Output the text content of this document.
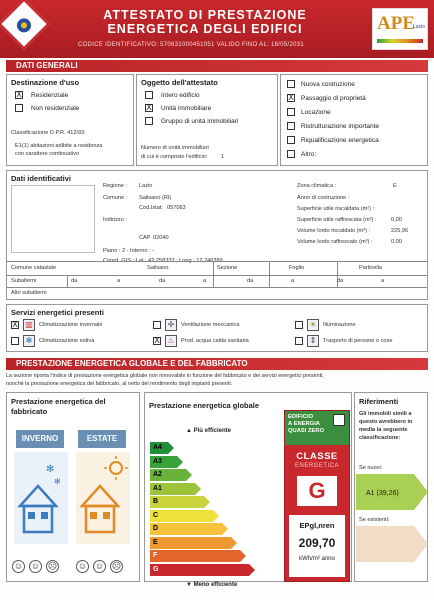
ATTESTATO DI PRESTAZIONE
ENERGETICA DEGLI EDIFICI
CODICE IDENTIFICATIVO: 570631000451051 VALIDO FINO AL: 18/05/2031
APE
Lazio
DATI GENERALI
Destinazione d'uso
X Residenziale
Non residenziale
Classificazione D.P.R. 412/93:
E1(1) abitazioni adibite a residenza
con carattere continuativo
Oggetto dell'attestato
Intero edificio
X Unità immobiliare
Gruppo di unità immobiliari
Numero di unità immobiliari
di cui è composto l'edificio: 1
Nuova costruzione
X Passaggio di proprietà
Locazione
Ristrutturazione importante
Riqualificazione energetica
Altro:
Dati identificativi
Regione : Lazio
Comune : Salisano (RI)
Cod.Istat: 057063
Indirizzo :
CAP 02040
Piano : 2 - Interno : -
Coord. GIS : Lat : 42,258333 ; Long : 12,746389
Zona climatica :	E
Anno di costruzione :
Superficie utile riscaldata (m²) :
Superficie utile raffrescata (m²) :	0,00
Volume lordo riscaldato (m³) :	225,96
Volume lordo raffrescato (m³) :	0,00
Comune catastale	Salisano	Sezione	Foglio	Particella
Subalterni	da	a	da	a	da	a	da	a
Altri subalterni
Servizi energetici presenti
X ▥	Climatizzazione invernale
✻	Climatizzazione estiva
✢	Ventilazione meccanica
X ♨	Prod. acqua calda sanitaria
☀	Illuminazione
⇕	Trasporto di persone o cose
PRESTAZIONE ENERGETICA GLOBALE E DEL FABBRICATO
La sezione riporta l'indice di prestazione energetica globale non rinnovabile in funzione del fabbricato e dei servizi energetici presenti,
nonché la prestazione energetica del fabbricato, al netto del rendimento degli impianti presenti.
Prestazione energetica del
fabbricato
INVERNO	ESTATE
✻
✻
☺ ☺ ☹ ☺ ☺ ☹
Prestazione energetica globale
▲ Più efficiente
A4
A3
A2
A1
B
C
D
E
F
G
▼ Meno efficiente
EDIFICIO
A ENERGIA
QUASI ZERO
CLASSE
ENERGETICA
G
EPgl,nren
209,70
kWh/m² anno
Riferimenti
Gli immobili simili a
questo avrebbero in
media la seguente
classificazione:
Se nuovi:
Se esistenti:
A1 (39,26)
